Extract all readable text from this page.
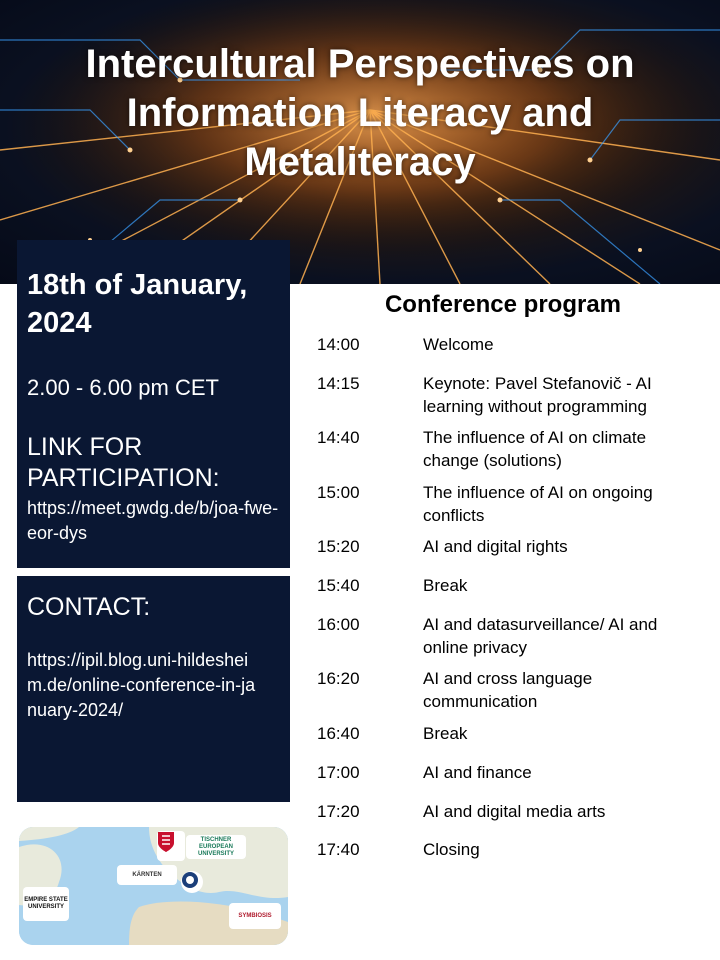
Intercultural Perspectives on
Information Literacy and
Metaliteracy
18th of January, 2024
2.00 - 6.00 pm CET
LINK FOR PARTICIPATION:
https://meet.gwdg.de/b/joa-fwe-eor-dys
CONTACT:
https://ipil.blog.uni-hildesheim.de/online-conference-in-january-2024/
TISCHNER EUROPEAN UNIVERSITY
KÄRNTEN
EMPIRE STATE UNIVERSITY
SYMBIOSIS
Conference program
14:00	Welcome
14:15	Keynote: Pavel Stefanovič - AI learning without programming
14:40	The influence of AI on climate change (solutions)
15:00	The influence of AI on ongoing conflicts
15:20	AI and digital rights
15:40	Break
16:00	AI and datasurveillance/ AI and online privacy
16:20	AI and cross language communication
16:40	Break
17:00	AI and finance
17:20	AI and digital media arts
17:40	Closing
